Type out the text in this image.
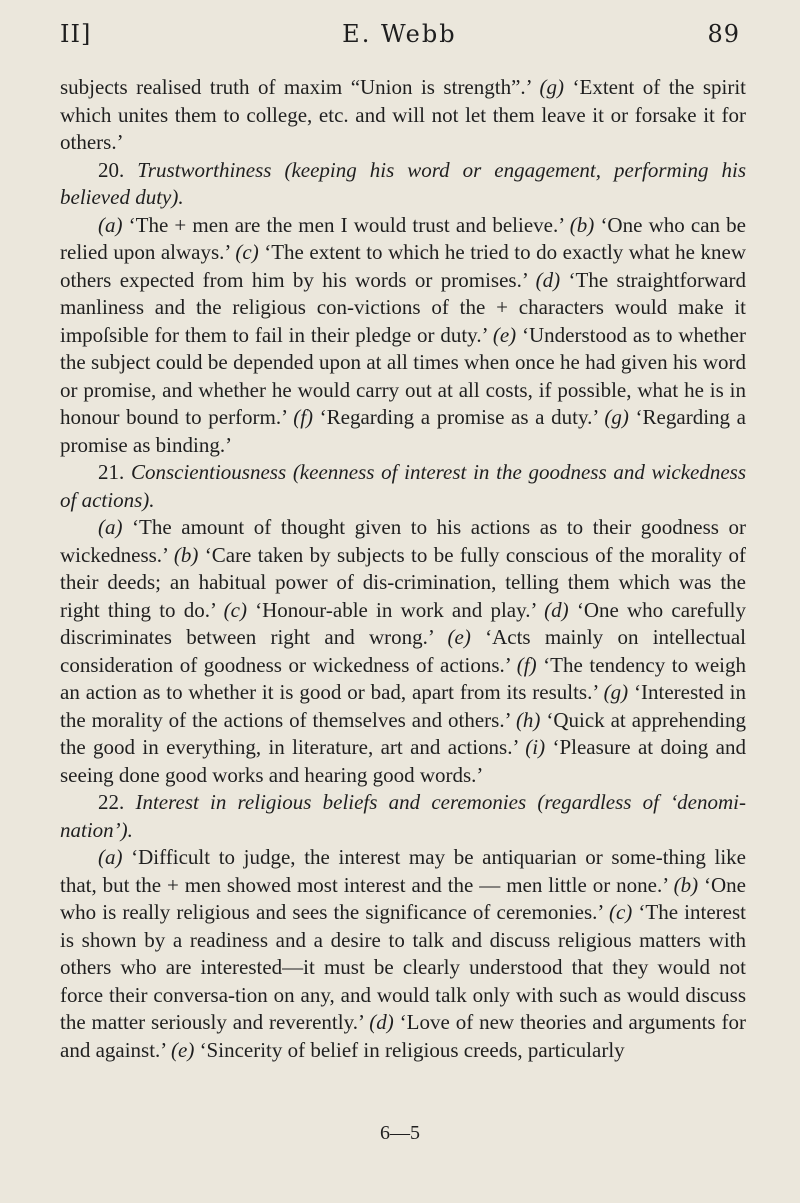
II]	E. Webb	89

subjects realised truth of maxim “Union is strength”.’ (g) ‘Extent of the spirit which unites them to college, etc. and will not let them leave it or forsake it for others.’

20. Trustworthiness (keeping his word or engagement, performing his believed duty).

(a) ‘The + men are the men I would trust and believe.’ (b) ‘One who can be relied upon always.’ (c) ‘The extent to which he tried to do exactly what he knew others expected from him by his words or promises.’ (d) ‘The straightforward manliness and the religious con-victions of the + characters would make it impoſsible for them to fail in their pledge or duty.’ (e) ‘Understood as to whether the subject could be depended upon at all times when once he had given his word or promise, and whether he would carry out at all costs, if possible, what he is in honour bound to perform.’ (f) ‘Regarding a promise as a duty.’ (g) ‘Regarding a promise as binding.’

21. Conscientiousness (keenness of interest in the goodness and wickedness of actions).

(a) ‘The amount of thought given to his actions as to their goodness or wickedness.’ (b) ‘Care taken by subjects to be fully conscious of the morality of their deeds; an habitual power of dis-crimination, telling them which was the right thing to do.’ (c) ‘Honour-able in work and play.’ (d) ‘One who carefully discriminates between right and wrong.’ (e) ‘Acts mainly on intellectual consideration of goodness or wickedness of actions.’ (f) ‘The tendency to weigh an action as to whether it is good or bad, apart from its results.’ (g) ‘Interested in the morality of the actions of themselves and others.’ (h) ‘Quick at apprehending the good in everything, in literature, art and actions.’ (i) ‘Pleasure at doing and seeing done good works and hearing good words.’

22. Interest in religious beliefs and ceremonies (regardless of ‘denomi-nation’).

(a) ‘Difficult to judge, the interest may be antiquarian or some-thing like that, but the + men showed most interest and the — men little or none.’ (b) ‘One who is really religious and sees the significance of ceremonies.’ (c) ‘The interest is shown by a readiness and a desire to talk and discuss religious matters with others who are interested—it must be clearly understood that they would not force their conversa-tion on any, and would talk only with such as would discuss the matter seriously and reverently.’ (d) ‘Love of new theories and arguments for and against.’ (e) ‘Sincerity of belief in religious creeds, particularly

6—5
